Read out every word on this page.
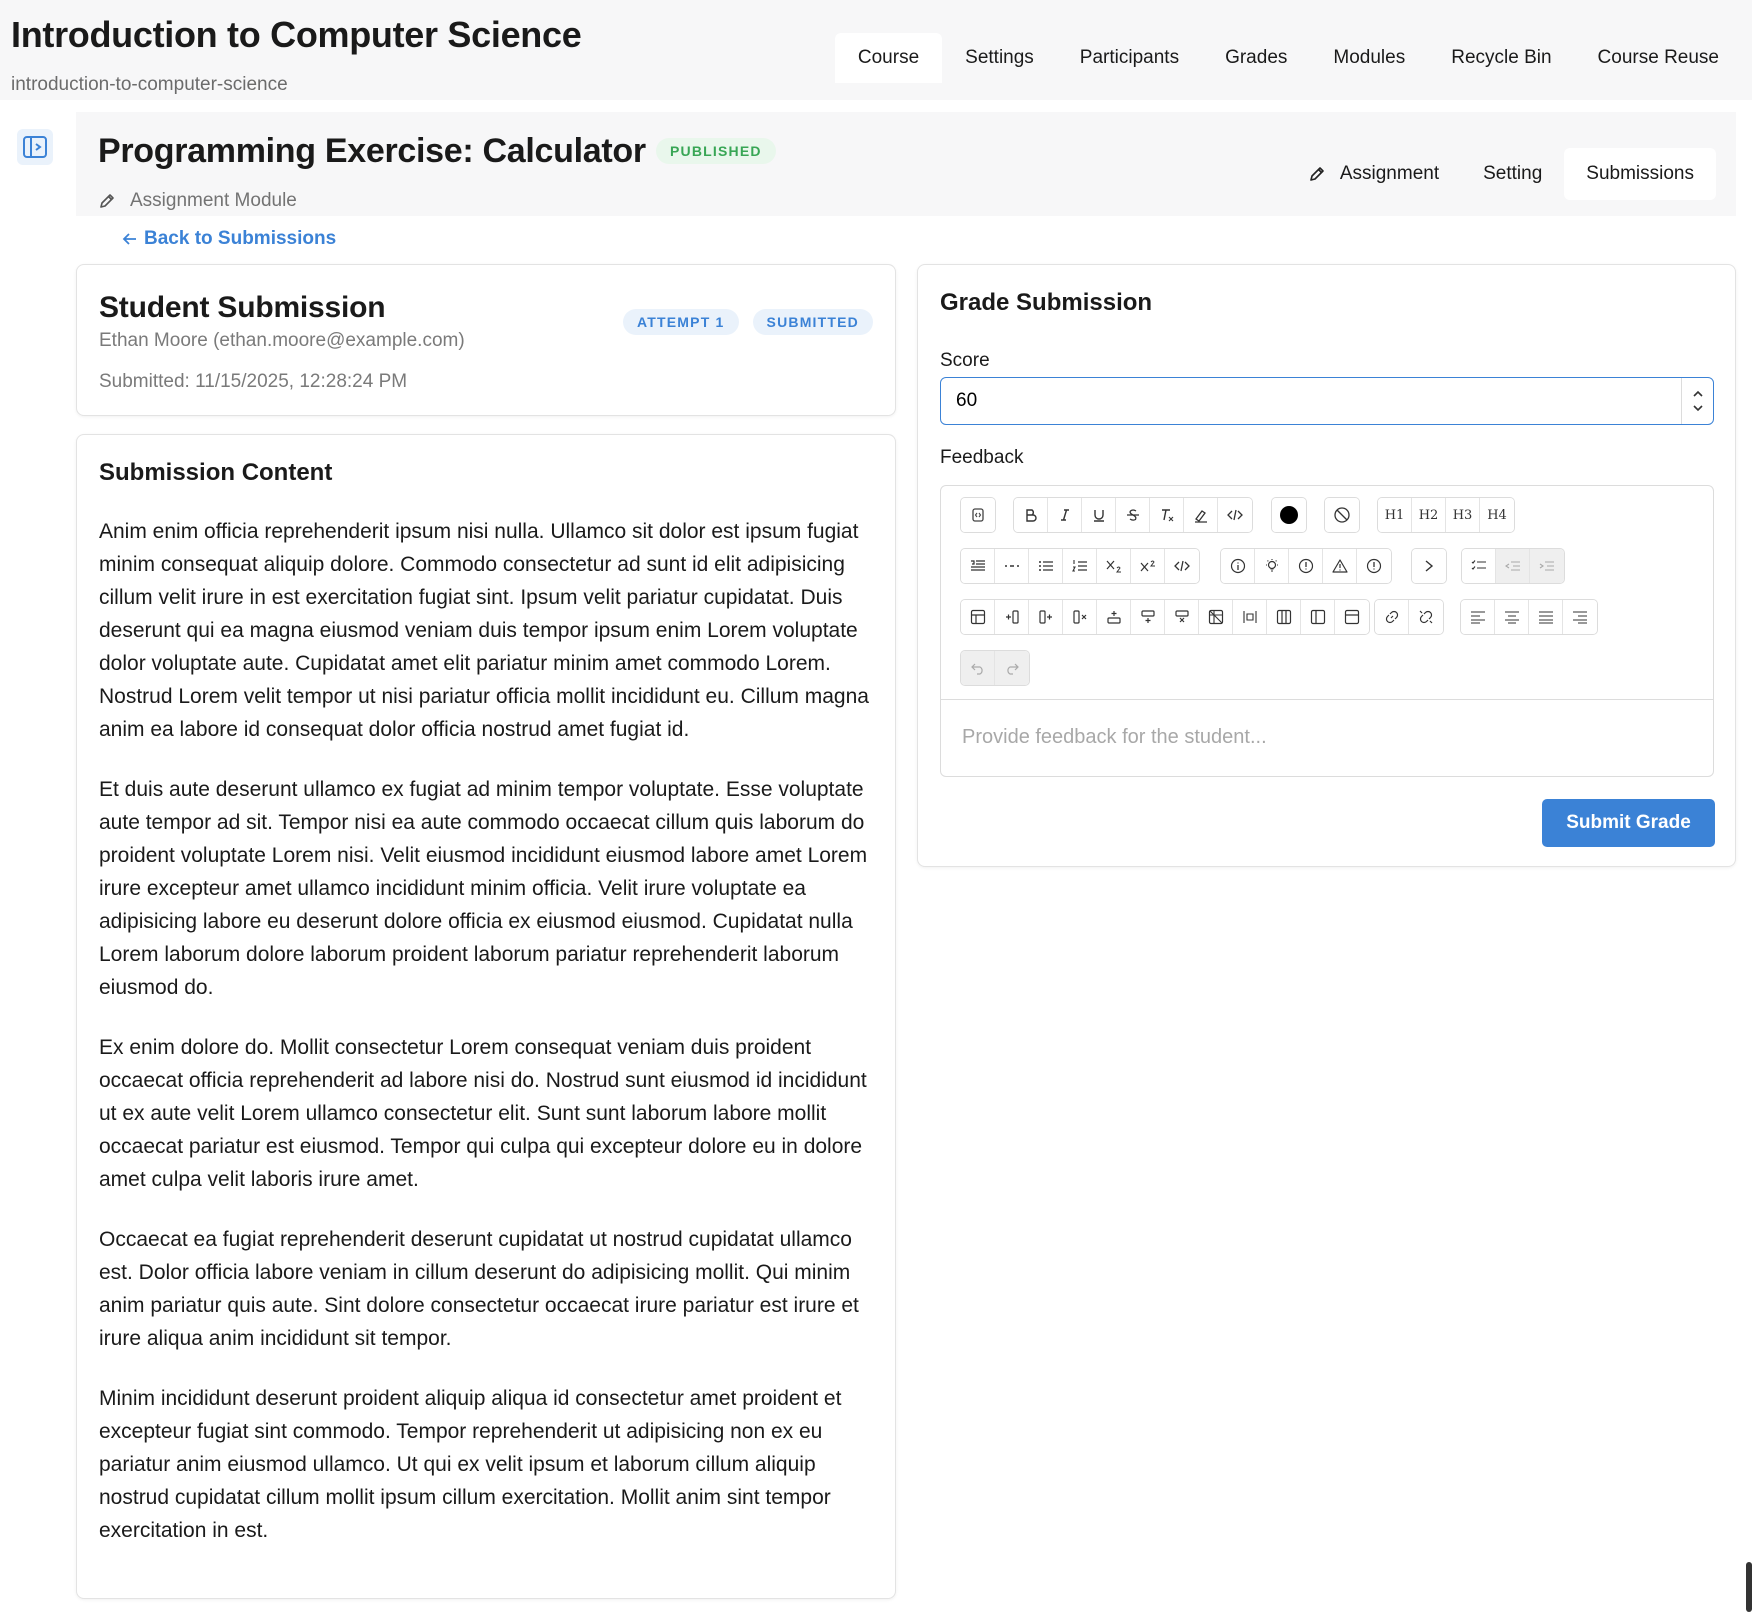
Introduction to Computer Science
introduction-to-computer-science
Course	Settings	Participants	Grades	Modules	Recycle Bin	Course Reuse
Programming Exercise: Calculator	PUBLISHED
Assignment Module
Assignment	Setting	Submissions
Back to Submissions
Student Submission
Ethan Moore (ethan.moore@example.com)
Submitted: 11/15/2025, 12:28:24 PM
ATTEMPT 1	SUBMITTED
Submission Content

Anim enim officia reprehenderit ipsum nisi nulla. Ullamco sit dolor est ipsum fugiat minim consequat aliquip dolore. Commodo consectetur ad sunt id elit adipisicing cillum velit irure in est exercitation fugiat sint. Ipsum velit pariatur cupidatat. Duis deserunt qui ea magna eiusmod veniam duis tempor ipsum enim Lorem voluptate dolor voluptate aute. Cupidatat amet elit pariatur minim amet commodo Lorem. Nostrud Lorem velit tempor ut nisi pariatur officia mollit incididunt eu. Cillum magna anim ea labore id consequat dolor officia nostrud amet fugiat id.

Et duis aute deserunt ullamco ex fugiat ad minim tempor voluptate. Esse voluptate aute tempor ad sit. Tempor nisi ea aute commodo occaecat cillum quis laborum do proident voluptate Lorem nisi. Velit eiusmod incididunt eiusmod labore amet Lorem irure excepteur amet ullamco incididunt minim officia. Velit irure voluptate ea adipisicing labore eu deserunt dolore officia ex eiusmod eiusmod. Cupidatat nulla Lorem laborum dolore laborum proident laborum pariatur reprehenderit laborum eiusmod do.

Ex enim dolore do. Mollit consectetur Lorem consequat veniam duis proident occaecat officia reprehenderit ad labore nisi do. Nostrud sunt eiusmod id incididunt ut ex aute velit Lorem ullamco consectetur elit. Sunt sunt laborum labore mollit occaecat pariatur est eiusmod. Tempor qui culpa qui excepteur dolore eu in dolore amet culpa velit laboris irure amet.

Occaecat ea fugiat reprehenderit deserunt cupidatat ut nostrud cupidatat ullamco est. Dolor officia labore veniam in cillum deserunt do adipisicing mollit. Qui minim anim pariatur quis aute. Sint dolore consectetur occaecat irure pariatur est irure et irure aliqua anim incididunt sit tempor.

Minim incididunt deserunt proident aliquip aliqua id consectetur amet proident et excepteur fugiat sint commodo. Tempor reprehenderit ut adipisicing non ex eu pariatur anim eiusmod ullamco. Ut qui ex velit ipsum et laborum cillum aliquip nostrud cupidatat cillum mollit ipsum cillum exercitation. Mollit anim sint tempor exercitation in est.

Grade Submission
Score
60
Feedback
H1	H2	H3	H4
Provide feedback for the student...
Submit Grade
